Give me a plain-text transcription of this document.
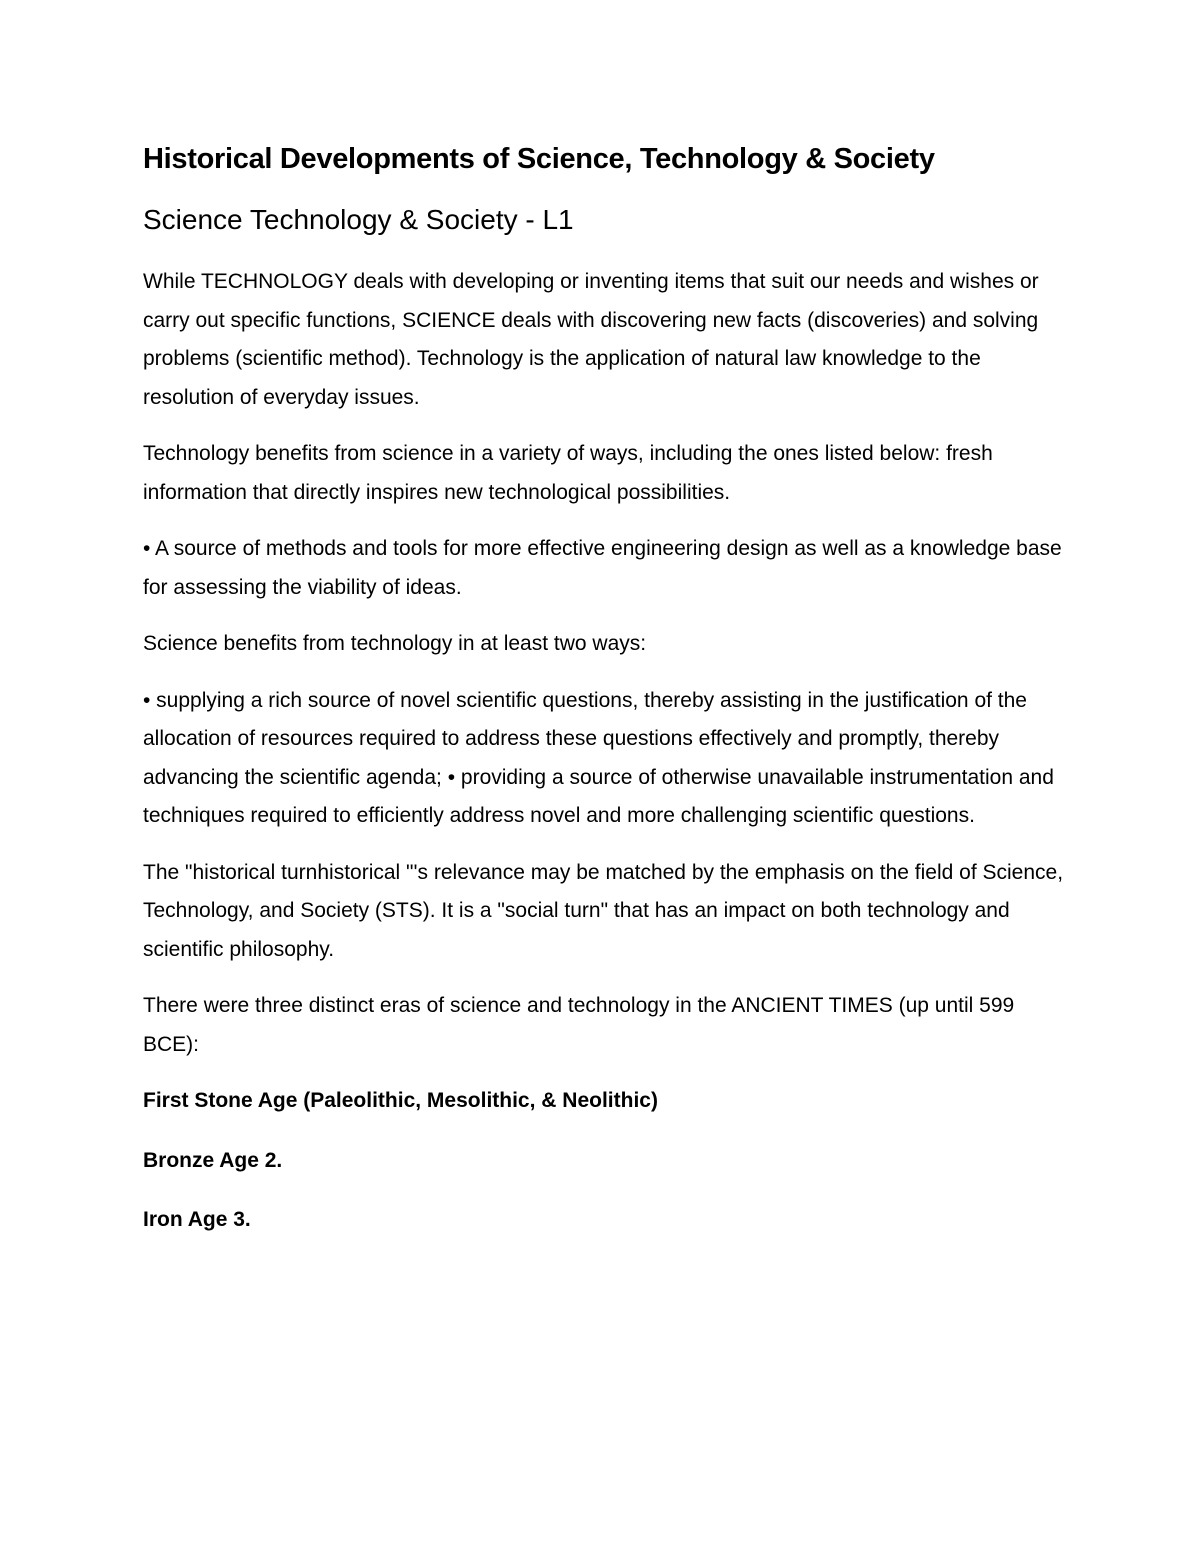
Historical Developments of Science, Technology & Society
Science Technology & Society - L1

While TECHNOLOGY deals with developing or inventing items that suit our needs and wishes or carry out specific functions, SCIENCE deals with discovering new facts (discoveries) and solving problems (scientific method). Technology is the application of natural law knowledge to the resolution of everyday issues.

Technology benefits from science in a variety of ways, including the ones listed below: fresh information that directly inspires new technological possibilities.

• A source of methods and tools for more effective engineering design as well as a knowledge base for assessing the viability of ideas.

Science benefits from technology in at least two ways:

• supplying a rich source of novel scientific questions, thereby assisting in the justification of the allocation of resources required to address these questions effectively and promptly, thereby advancing the scientific agenda; • providing a source of otherwise unavailable instrumentation and techniques required to efficiently address novel and more challenging scientific questions.

The "historical turnhistorical "'s relevance may be matched by the emphasis on the field of Science, Technology, and Society (STS). It is a "social turn" that has an impact on both technology and scientific philosophy.

There were three distinct eras of science and technology in the ANCIENT TIMES (up until 599 BCE):

First Stone Age (Paleolithic, Mesolithic, & Neolithic)

Bronze Age 2.

Iron Age 3.
